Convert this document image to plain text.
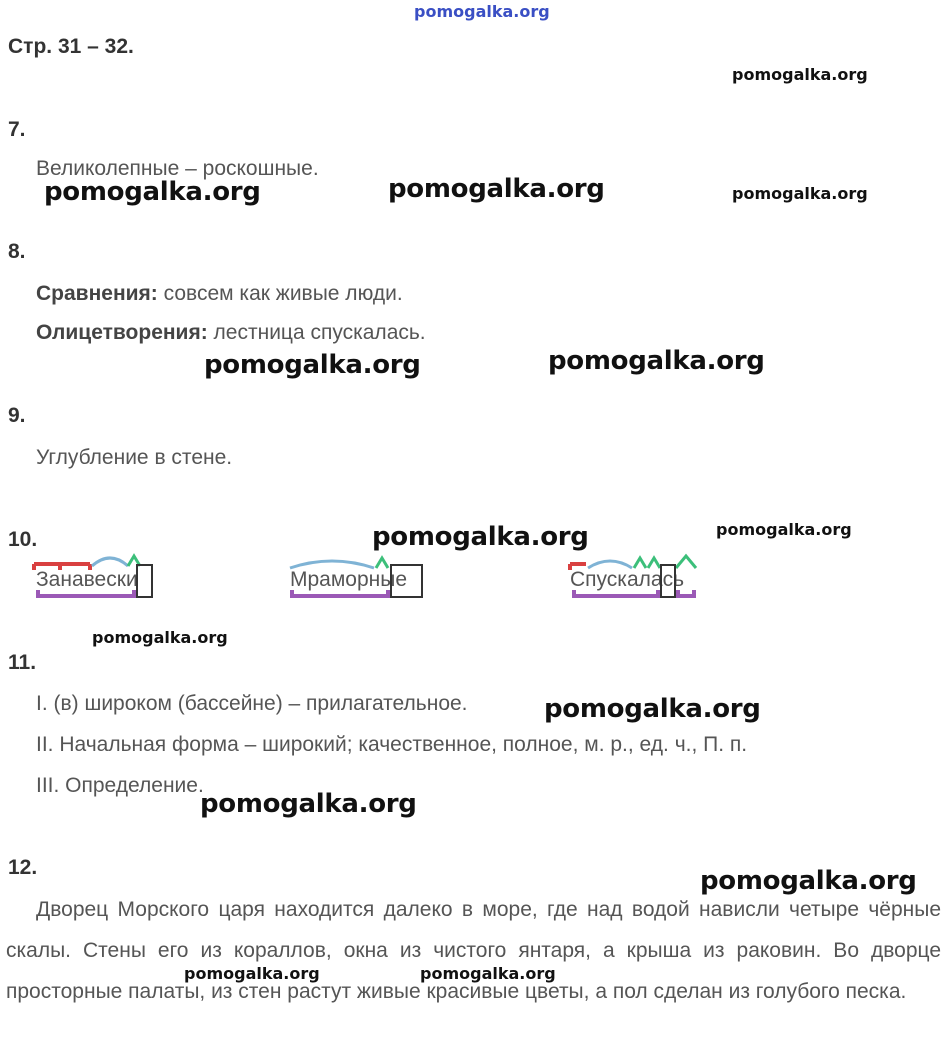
pomogalka.org
Стр. 31 – 32.
pomogalka.org
7.
Великолепные – роскошные.
pomogalka.org	pomogalka.org	pomogalka.org
8.
Сравнения: совсем как живые люди.
Олицетворения: лестница спускалась.
pomogalka.org	pomogalka.org
9.
Углубление в стене.
10.	pomogalka.org	pomogalka.org
Занавески	Мраморные	Спускалась
pomogalka.org
11.
I. (в) широком (бассейне) – прилагательное.	pomogalka.org
II. Начальная форма – широкий; качественное, полное, м. р., ед. ч., П. п.
III. Определение.
pomogalka.org
12.	pomogalka.org
Дворец Морского царя находится далеко в море, где над водой нависли четыре чёрные скалы. Стены его из кораллов, окна из чистого янтаря, а крыша из раковин. Во дворце просторные палаты, из стен растут живые красивые цветы, а пол сделан из голубого песка.
pomogalka.org	pomogalka.org
